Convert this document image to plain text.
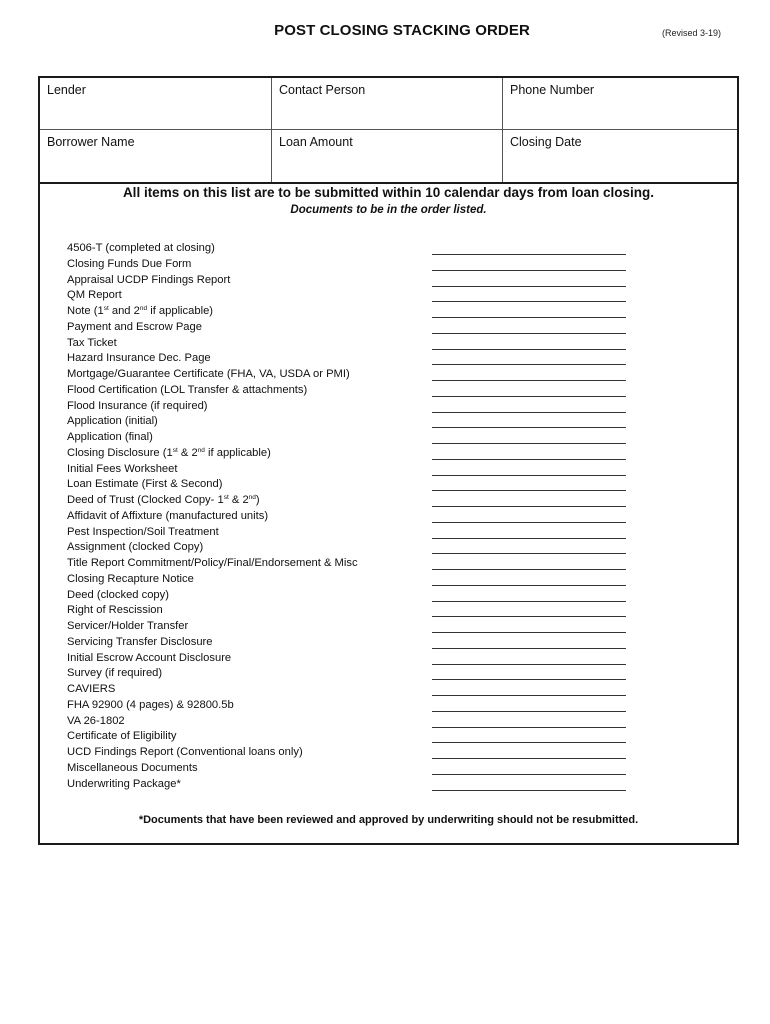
POST CLOSING STACKING ORDER	(Revised 3-19)
Lender	Contact Person	Phone Number
Borrower Name	Loan Amount	Closing Date
All items on this list are to be submitted within 10 calendar days from loan closing.
Documents to be in the order listed.
4506-T (completed at closing)
Closing Funds Due Form
Appraisal UCDP Findings Report
QM Report
Note (1st and 2nd if applicable)
Payment and Escrow Page
Tax Ticket
Hazard Insurance Dec. Page
Mortgage/Guarantee Certificate (FHA, VA, USDA or PMI)
Flood Certification (LOL Transfer & attachments)
Flood Insurance (if required)
Application (initial)
Application (final)
Closing Disclosure (1st & 2nd if applicable)
Initial Fees Worksheet
Loan Estimate (First & Second)
Deed of Trust (Clocked Copy- 1st & 2nd)
Affidavit of Affixture (manufactured units)
Pest Inspection/Soil Treatment
Assignment (clocked Copy)
Title Report Commitment/Policy/Final/Endorsement & Misc
Closing Recapture Notice
Deed (clocked copy)
Right of Rescission
Servicer/Holder Transfer
Servicing Transfer Disclosure
Initial Escrow Account Disclosure
Survey (if required)
CAVIERS
FHA 92900 (4 pages) & 92800.5b
VA 26-1802
Certificate of Eligibility
UCD Findings Report (Conventional loans only)
Miscellaneous Documents
Underwriting Package*
*Documents that have been reviewed and approved by underwriting should not be resubmitted.
